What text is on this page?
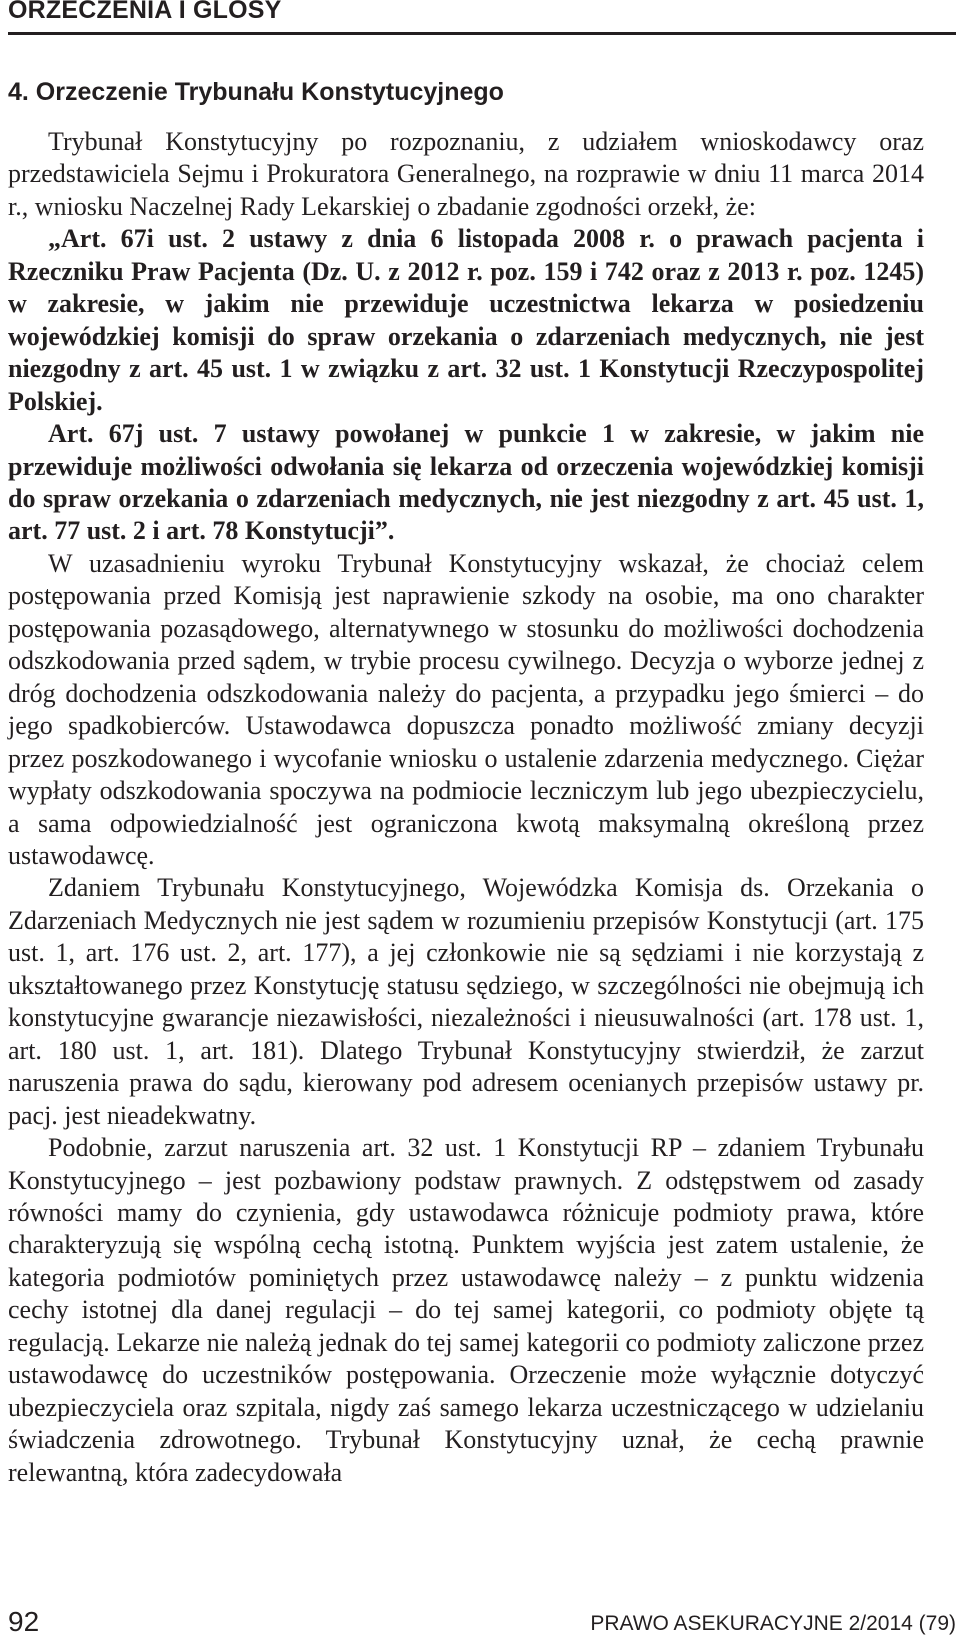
ORZECZENIA I GLOSY
4. Orzeczenie Trybunału Konstytucyjnego

Trybunał Konstytucyjny po rozpoznaniu, z udziałem wnioskodawcy oraz przedstawiciela Sejmu i Prokuratora Generalnego, na rozprawie w dniu 11 marca 2014 r., wniosku Naczelnej Rady Lekarskiej o zbadanie zgodności orzekł, że:

„Art. 67i ust. 2 ustawy z dnia 6 listopada 2008 r. o prawach pacjenta i Rzeczniku Praw Pacjenta (Dz. U. z 2012 r. poz. 159 i 742 oraz z 2013 r. poz. 1245) w zakresie, w jakim nie przewiduje uczestnictwa lekarza w posiedzeniu wojewódzkiej komisji do spraw orzekania o zdarzeniach medycznych, nie jest niezgodny z art. 45 ust. 1 w związku z art. 32 ust. 1 Konstytucji Rzeczypospolitej Polskiej.

Art. 67j ust. 7 ustawy powołanej w punkcie 1 w zakresie, w jakim nie przewiduje możliwości odwołania się lekarza od orzeczenia wojewódzkiej komisji do spraw orzekania o zdarzeniach medycznych, nie jest niezgodny z art. 45 ust. 1, art. 77 ust. 2 i art. 78 Konstytucji”.

W uzasadnieniu wyroku Trybunał Konstytucyjny wskazał, że chociaż celem postępowania przed Komisją jest naprawienie szkody na osobie, ma ono charakter postępowania pozasądowego, alternatywnego w stosunku do możliwości dochodzenia odszkodowania przed sądem, w trybie procesu cywilnego. Decyzja o wyborze jednej z dróg dochodzenia odszkodowania należy do pacjenta, a przypadku jego śmierci – do jego spadkobierców. Ustawodawca dopuszcza ponadto możliwość zmiany decyzji przez poszkodowanego i wycofanie wniosku o ustalenie zdarzenia medycznego. Ciężar wypłaty odszkodowania spoczywa na podmiocie leczniczym lub jego ubezpieczycielu, a sama odpowiedzialność jest ograniczona kwotą maksymalną określoną przez ustawodawcę.

Zdaniem Trybunału Konstytucyjnego, Wojewódzka Komisja ds. Orzekania o Zdarzeniach Medycznych nie jest sądem w rozumieniu przepisów Konstytucji (art. 175 ust. 1, art. 176 ust. 2, art. 177), a jej członkowie nie są sędziami i nie korzystają z ukształtowanego przez Konstytucję statusu sędziego, w szczególności nie obejmują ich konstytucyjne gwarancje niezawisłości, niezależności i nieusuwalności (art. 178 ust. 1, art. 180 ust. 1, art. 181). Dlatego Trybunał Konstytucyjny stwierdził, że zarzut naruszenia prawa do sądu, kierowany pod adresem ocenianych przepisów ustawy pr. pacj. jest nieadekwatny.

Podobnie, zarzut naruszenia art. 32 ust. 1 Konstytucji RP – zdaniem Trybunału Konstytucyjnego – jest pozbawiony podstaw prawnych. Z odstępstwem od zasady równości mamy do czynienia, gdy ustawodawca różnicuje podmioty prawa, które charakteryzują się wspólną cechą istotną. Punktem wyjścia jest zatem ustalenie, że kategoria podmiotów pominiętych przez ustawodawcę należy – z punktu widzenia cechy istotnej dla danej regulacji – do tej samej kategorii, co podmioty objęte tą regulacją. Lekarze nie należą jednak do tej samej kategorii co podmioty zaliczone przez ustawodawcę do uczestników postępowania. Orzeczenie może wyłącznie dotyczyć ubezpieczyciela oraz szpitala, nigdy zaś samego lekarza uczestniczącego w udzielaniu świadczenia zdrowotnego. Trybunał Konstytucyjny uznał, że cechą prawnie relewantną, która zadecydowała

92	PRAWO ASEKURACYJNE 2/2014 (79)
